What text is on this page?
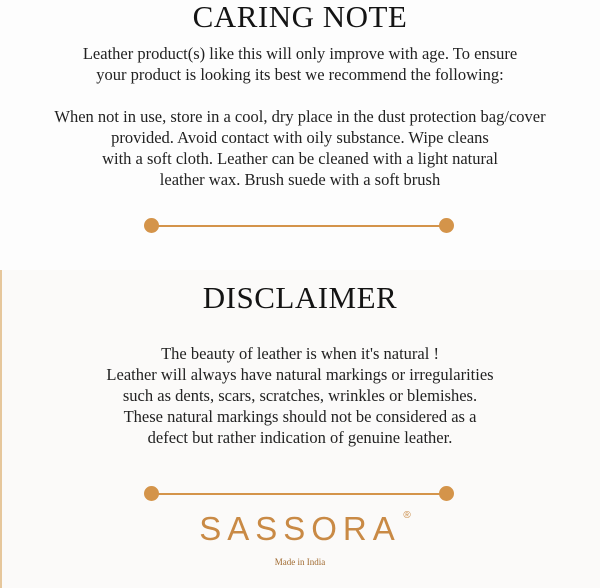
CARING NOTE

Leather product(s) like this will only improve with age. To ensure
your product is looking its best we recommend the following:

When not in use, store in a cool, dry place in the dust protection bag/cover
provided. Avoid contact with oily substance. Wipe cleans
with a soft cloth. Leather can be cleaned with a light natural
leather wax. Brush suede with a soft brush

DISCLAIMER

The beauty of leather is when it's natural !
Leather will always have natural markings or irregularities
such as dents, scars, scratches, wrinkles or blemishes.
These natural markings should not be considered as a
defect but rather indication of genuine leather.

SASSORA ®
Made in India
